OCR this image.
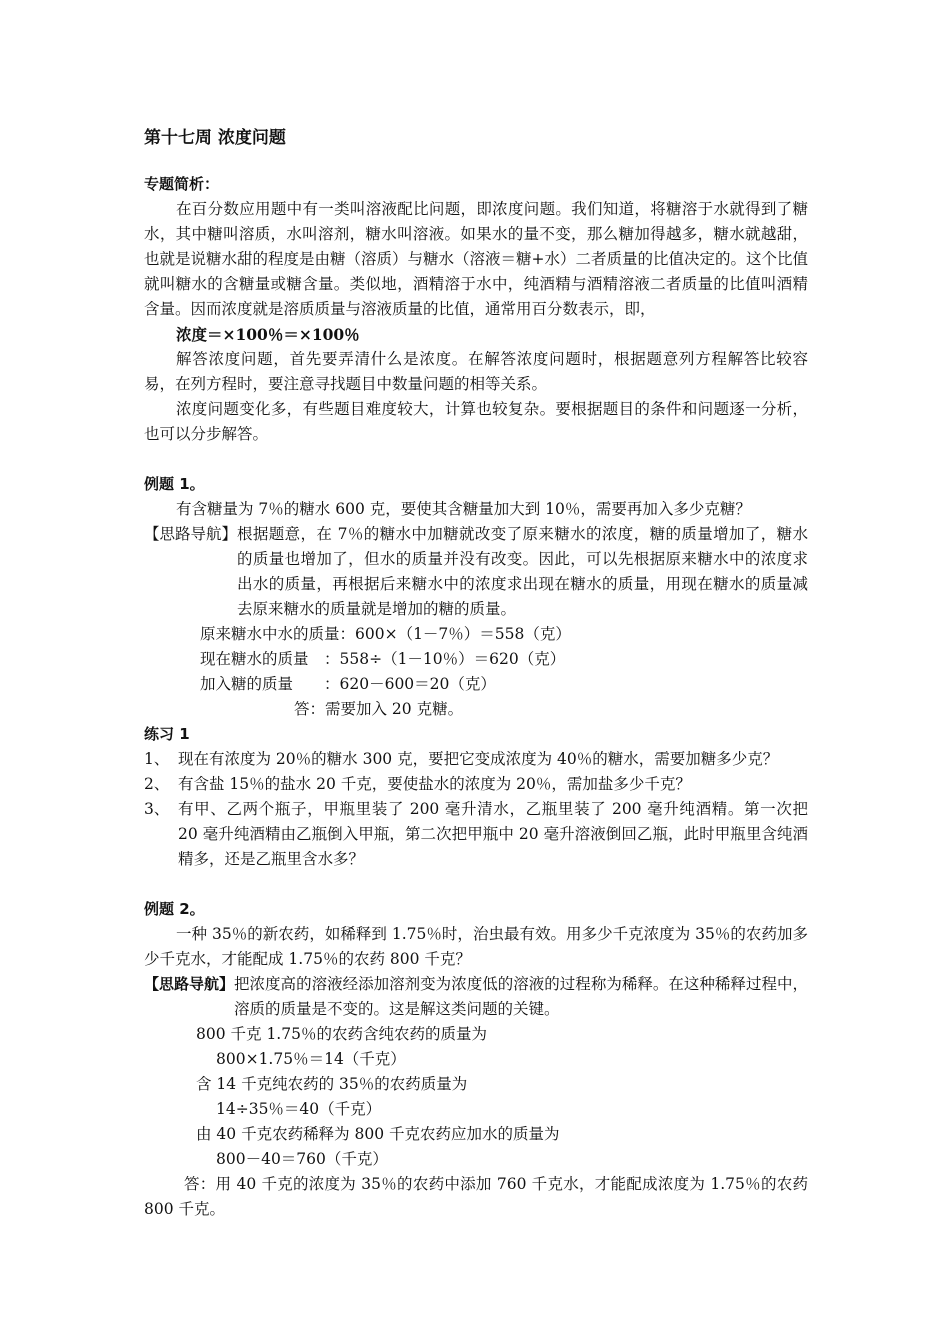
第十七周 浓度问题
专题简析：
在百分数应用题中有一类叫溶液配比问题，即浓度问题。我们知道，将糖溶于水就得到了糖水，其中糖叫溶质，水叫溶剂，糖水叫溶液。如果水的量不变，那么糖加得越多，糖水就越甜，也就是说糖水甜的程度是由糖（溶质）与糖水（溶液＝糖+水）二者质量的比值决定的。这个比值就叫糖水的含糖量或糖含量。类似地，酒精溶于水中，纯酒精与酒精溶液二者质量的比值叫酒精含量。因而浓度就是溶质质量与溶液质量的比值，通常用百分数表示，即，
浓度＝×100％＝×100％
解答浓度问题，首先要弄清什么是浓度。在解答浓度问题时，根据题意列方程解答比较容易，在列方程时，要注意寻找题目中数量问题的相等关系。
浓度问题变化多，有些题目难度较大，计算也较复杂。要根据题目的条件和问题逐一分析，也可以分步解答。
例题 1。
有含糖量为 7％的糖水 600 克，要使其含糖量加大到 10％，需要再加入多少克糖？
【思路导航】 根据题意，在 7％的糖水中加糖就改变了原来糖水的浓度，糖的质量增加了，糖水的质量也增加了，但水的质量并没有改变。因此，可以先根据原来糖水中的浓度求出水的质量，再根据后来糖水中的浓度求出现在糖水的质量，用现在糖水的质量减去原来糖水的质量就是增加的糖的质量。
原来糖水中水的质量：600×（1－7％）＝558（克）
现在糖水的质量　：558÷（1－10％）＝620（克）
加入糖的质量　　：620－600＝20（克）
答：需要加入 20 克糖。
练习 1
1、 现在有浓度为 20％的糖水 300 克，要把它变成浓度为 40％的糖水，需要加糖多少克？
2、 有含盐 15％的盐水 20 千克，要使盐水的浓度为 20％，需加盐多少千克？
3、 有甲、乙两个瓶子，甲瓶里装了 200 毫升清水，乙瓶里装了 200 毫升纯酒精。第一次把 20 毫升纯酒精由乙瓶倒入甲瓶，第二次把甲瓶中 20 毫升溶液倒回乙瓶，此时甲瓶里含纯酒精多，还是乙瓶里含水多？
例题 2。
一种 35％的新农药，如稀释到 1.75％时，治虫最有效。用多少千克浓度为 35％的农药加多少千克水，才能配成 1.75％的农药 800 千克？
【思路导航】 把浓度高的溶液经添加溶剂变为浓度低的溶液的过程称为稀释。在这种稀释过程中，溶质的质量是不变的。这是解这类问题的关键。
800 千克 1.75％的农药含纯农药的质量为
800×1.75％＝14（千克）
含 14 千克纯农药的 35％的农药质量为
14÷35％＝40（千克）
由 40 千克农药稀释为 800 千克农药应加水的质量为
800－40＝760（千克）
答：用 40 千克的浓度为 35％的农药中添加 760 千克水，才能配成浓度为 1.75％的农药 800 千克。
